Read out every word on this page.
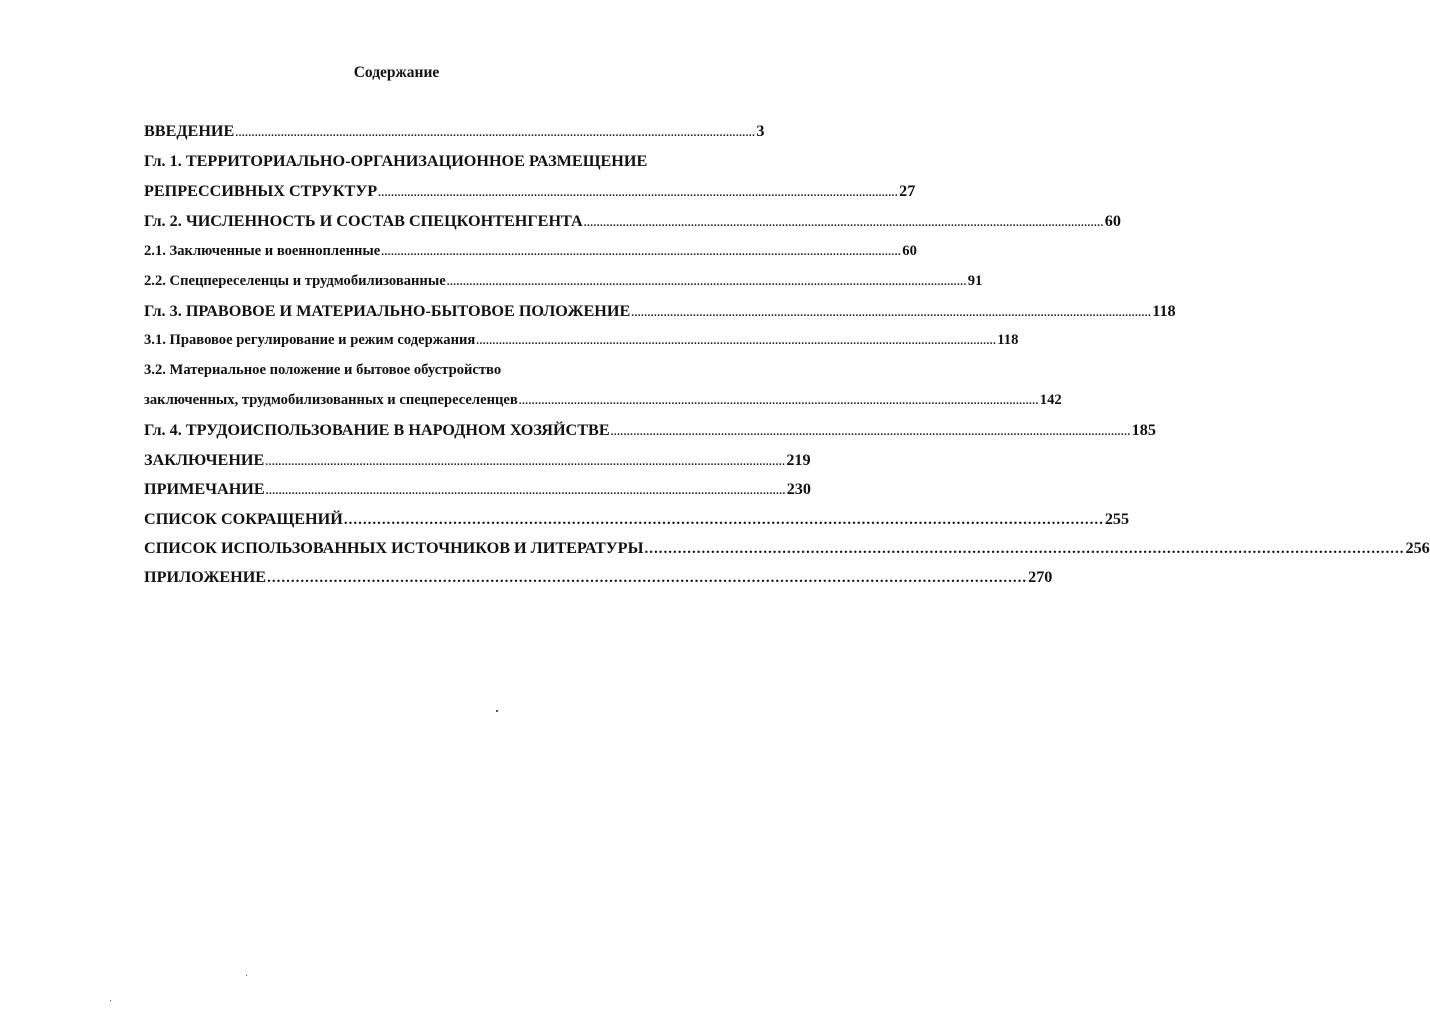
Содержание
ВВЕДЕНИЕ ................................................................................................................................................................ 3
Гл. 1. ТЕРРИТОРИАЛЬНО-ОРГАНИЗАЦИОННОЕ РАЗМЕЩЕНИЕ
РЕПРЕССИВНЫХ СТРУКТУР ................................................................................................................................................................ 27
Гл. 2. ЧИСЛЕННОСТЬ И СОСТАВ СПЕЦКОНТЕНГЕНТА ................................................................................................................................................................ 60
2.1. Заключенные и военнопленные ................................................................................................................................................................ 60
2.2. Спецпереселенцы и трудмобилизованные ................................................................................................................................................................ 91
Гл. 3. ПРАВОВОЕ И МАТЕРИАЛЬНО-БЫТОВОЕ ПОЛОЖЕНИЕ ................................................................................................................................................................ 118
3.1. Правовое регулирование и режим содержания ................................................................................................................................................................ 118
3.2. Материальное положение и бытовое обустройство
заключенных, трудмобилизованных и спецпереселенцев ................................................................................................................................................................ 142
Гл. 4. ТРУДОИСПОЛЬЗОВАНИЕ В НАРОДНОМ ХОЗЯЙСТВЕ ................................................................................................................................................................ 185
ЗАКЛЮЧЕНИЕ ................................................................................................................................................................ 219
ПРИМЕЧАНИЕ ................................................................................................................................................................ 230
СПИСОК СОКРАЩЕНИЙ ................................................................................................................................................................ 255
СПИСОК ИСПОЛЬЗОВАННЫХ ИСТОЧНИКОВ И ЛИТЕРАТУРЫ ................................................................................................................................................................ 256
ПРИЛОЖЕНИЕ ................................................................................................................................................................ 270
